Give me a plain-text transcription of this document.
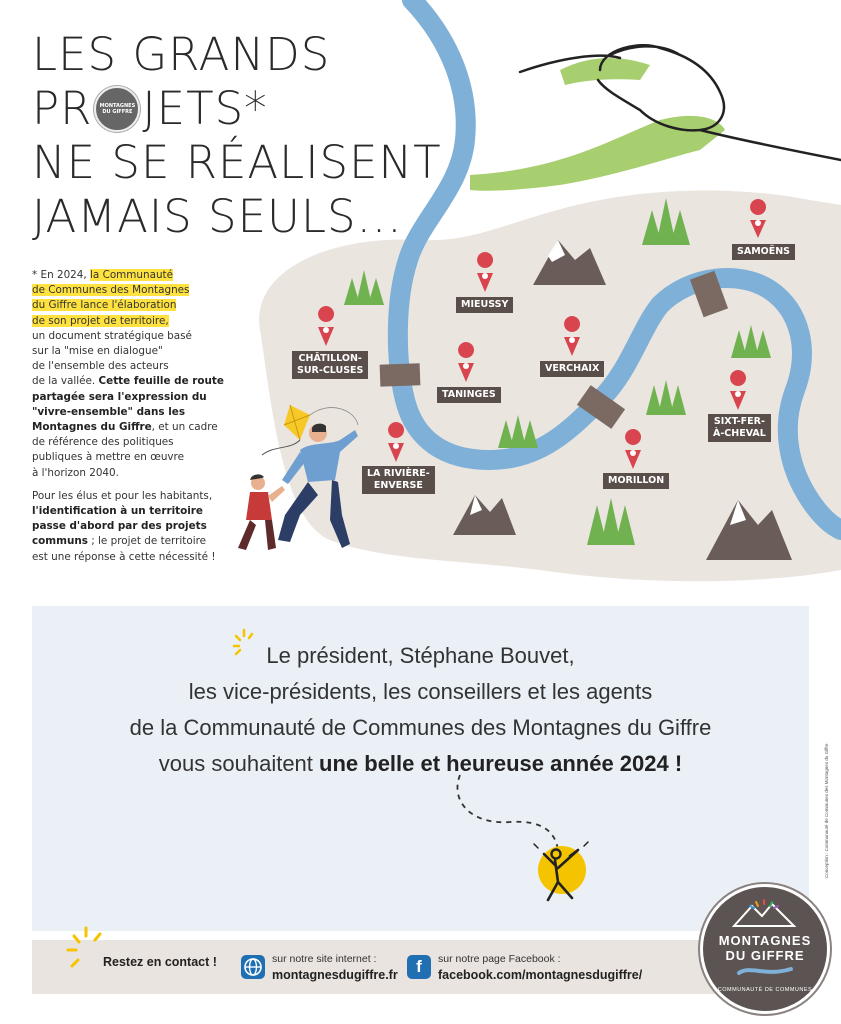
LES GRANDS
PR	MONTAGNES
DU GIFFRE JETS*
NE SE RÉALISENT
JAMAIS SEULS...

* En 2024, la Communauté
de Communes des Montagnes
du Giffre lance l'élaboration
de son projet de territoire,
un document stratégique basé
sur la "mise en dialogue"
de l'ensemble des acteurs
de la vallée. Cette feuille de route
partagée sera l'expression du
"vivre-ensemble" dans les
Montagnes du Giffre, et un cadre
de référence des politiques
publiques à mettre en œuvre
à l'horizon 2040.

Pour les élus et pour les habitants,
l'identification à un territoire
passe d'abord par des projets
communs ; le projet de territoire
est une réponse à cette nécessité !

SAMOËNS
MIEUSSY
CHÂTILLON-
SUR-CLUSES	VERCHAIX
TANINGES
SIXT-FER-
À-CHEVAL
LA RIVIÈRE-
ENVERSE	MORILLON
Le président, Stéphane Bouvet,
les vice-présidents, les conseillers et les agents
de la Communauté de Communes des Montagnes du Giffre
vous souhaitent une belle et heureuse année 2024 !
Restez en contact !	sur notre site internet :
montagnesdugiffre.fr	f	sur notre page Facebook :
facebook.com/montagnesdugiffre/
MONTAGNES
DU GIFFRE
COMMUNAUTÉ DE COMMUNES
Conception : Communauté de Communes des Montagnes du Giffre
